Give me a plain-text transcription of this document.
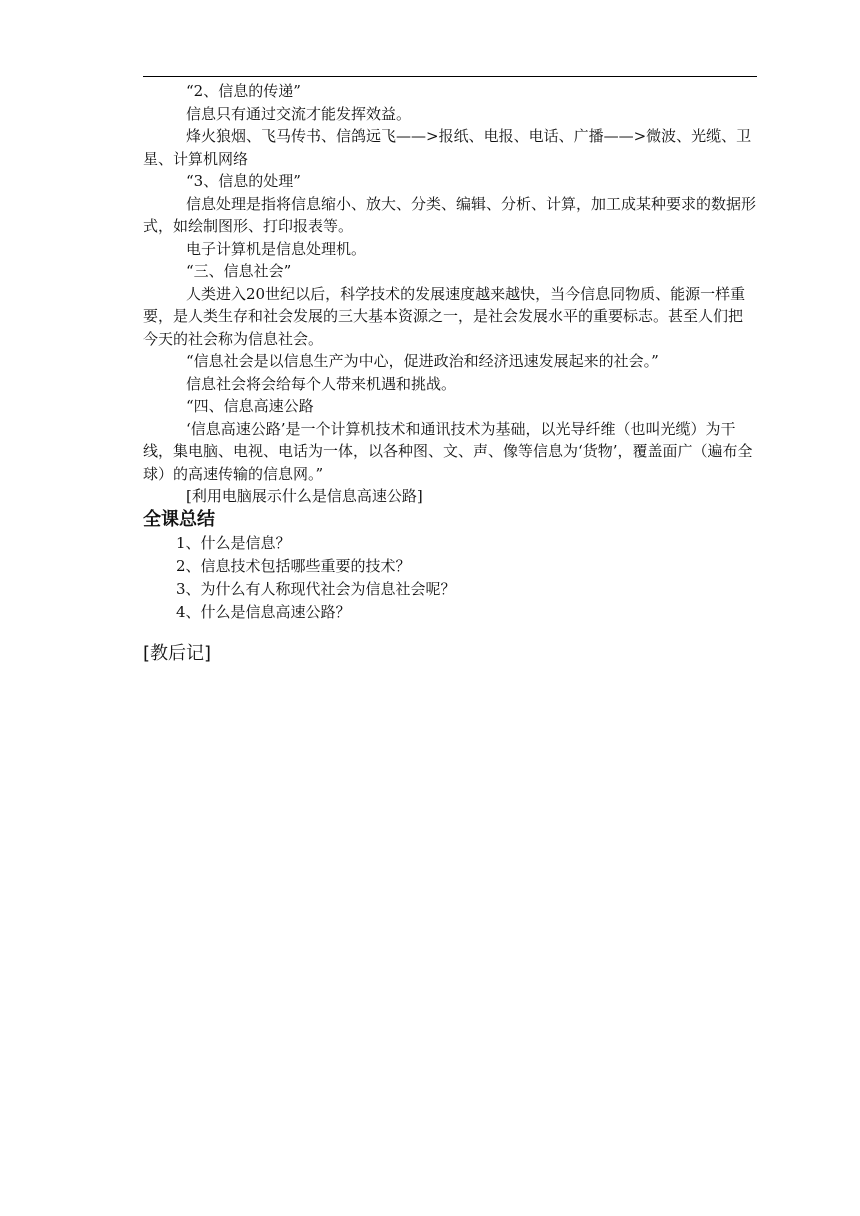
“2、信息的传递”

信息只有通过交流才能发挥效益。

烽火狼烟、飞马传书、信鸽远飞——>报纸、电报、电话、广播——>微波、光缆、卫星、计算机网络

“3、信息的处理”

信息处理是指将信息缩小、放大、分类、编辑、分析、计算，加工成某种要求的数据形式，如绘制图形、打印报表等。

电子计算机是信息处理机。

“三、信息社会”

人类进入20世纪以后，科学技术的发展速度越来越快，当今信息同物质、能源一样重要，是人类生存和社会发展的三大基本资源之一，是社会发展水平的重要标志。甚至人们把今天的社会称为信息社会。

“信息社会是以信息生产为中心，促进政治和经济迅速发展起来的社会。”

信息社会将会给每个人带来机遇和挑战。

“四、信息高速公路

‘信息高速公路’是一个计算机技术和通讯技术为基础，以光导纤维（也叫光缆）为干线，集电脑、电视、电话为一体，以各种图、文、声、像等信息为‘货物’，覆盖面广（遍布全球）的高速传输的信息网。”

[利用电脑展示什么是信息高速公路]

全课总结

1、什么是信息？

2、信息技术包括哪些重要的技术？

3、为什么有人称现代社会为信息社会呢？

4、什么是信息高速公路？

[教后记]
